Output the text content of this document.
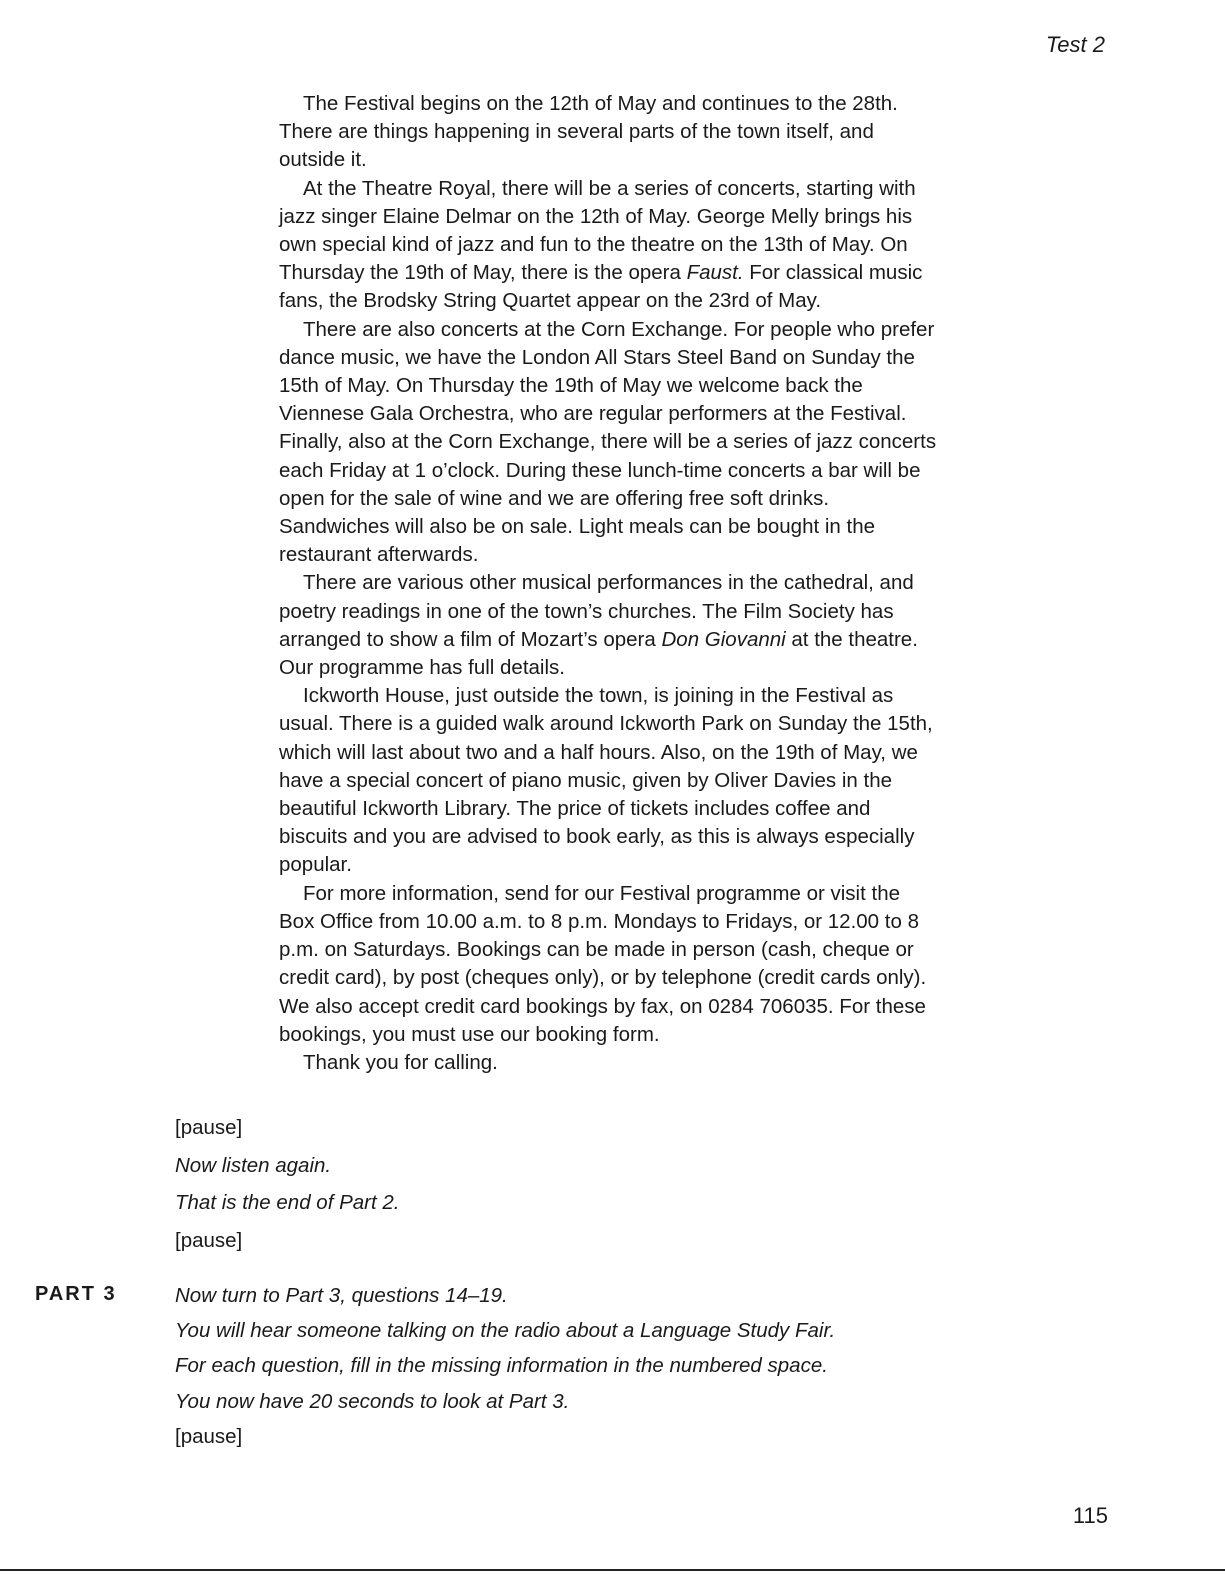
Test 2

The Festival begins on the 12th of May and continues to the 28th. There are things happening in several parts of the town itself, and outside it.

At the Theatre Royal, there will be a series of concerts, starting with jazz singer Elaine Delmar on the 12th of May. George Melly brings his own special kind of jazz and fun to the theatre on the 13th of May. On Thursday the 19th of May, there is the opera Faust. For classical music fans, the Brodsky String Quartet appear on the 23rd of May.

There are also concerts at the Corn Exchange. For people who prefer dance music, we have the London All Stars Steel Band on Sunday the 15th of May. On Thursday the 19th of May we welcome back the Viennese Gala Orchestra, who are regular performers at the Festival. Finally, also at the Corn Exchange, there will be a series of jazz concerts each Friday at 1 o’clock. During these lunch-time concerts a bar will be open for the sale of wine and we are offering free soft drinks. Sandwiches will also be on sale. Light meals can be bought in the restaurant afterwards.

There are various other musical performances in the cathedral, and poetry readings in one of the town’s churches. The Film Society has arranged to show a film of Mozart’s opera Don Giovanni at the theatre. Our programme has full details.

Ickworth House, just outside the town, is joining in the Festival as usual. There is a guided walk around Ickworth Park on Sunday the 15th, which will last about two and a half hours. Also, on the 19th of May, we have a special concert of piano music, given by Oliver Davies in the beautiful Ickworth Library. The price of tickets includes coffee and biscuits and you are advised to book early, as this is always especially popular.

For more information, send for our Festival programme or visit the Box Office from 10.00 a.m. to 8 p.m. Mondays to Fridays, or 12.00 to 8 p.m. on Saturdays. Bookings can be made in person (cash, cheque or credit card), by post (cheques only), or by telephone (credit cards only). We also accept credit card bookings by fax, on 0284 706035. For these bookings, you must use our booking form.

Thank you for calling.

[pause]
Now listen again.
That is the end of Part 2.
[pause]
PART 3	Now turn to Part 3, questions 14–19.
You will hear someone talking on the radio about a Language Study Fair.
For each question, fill in the missing information in the numbered space.
You now have 20 seconds to look at Part 3.
[pause]
115
